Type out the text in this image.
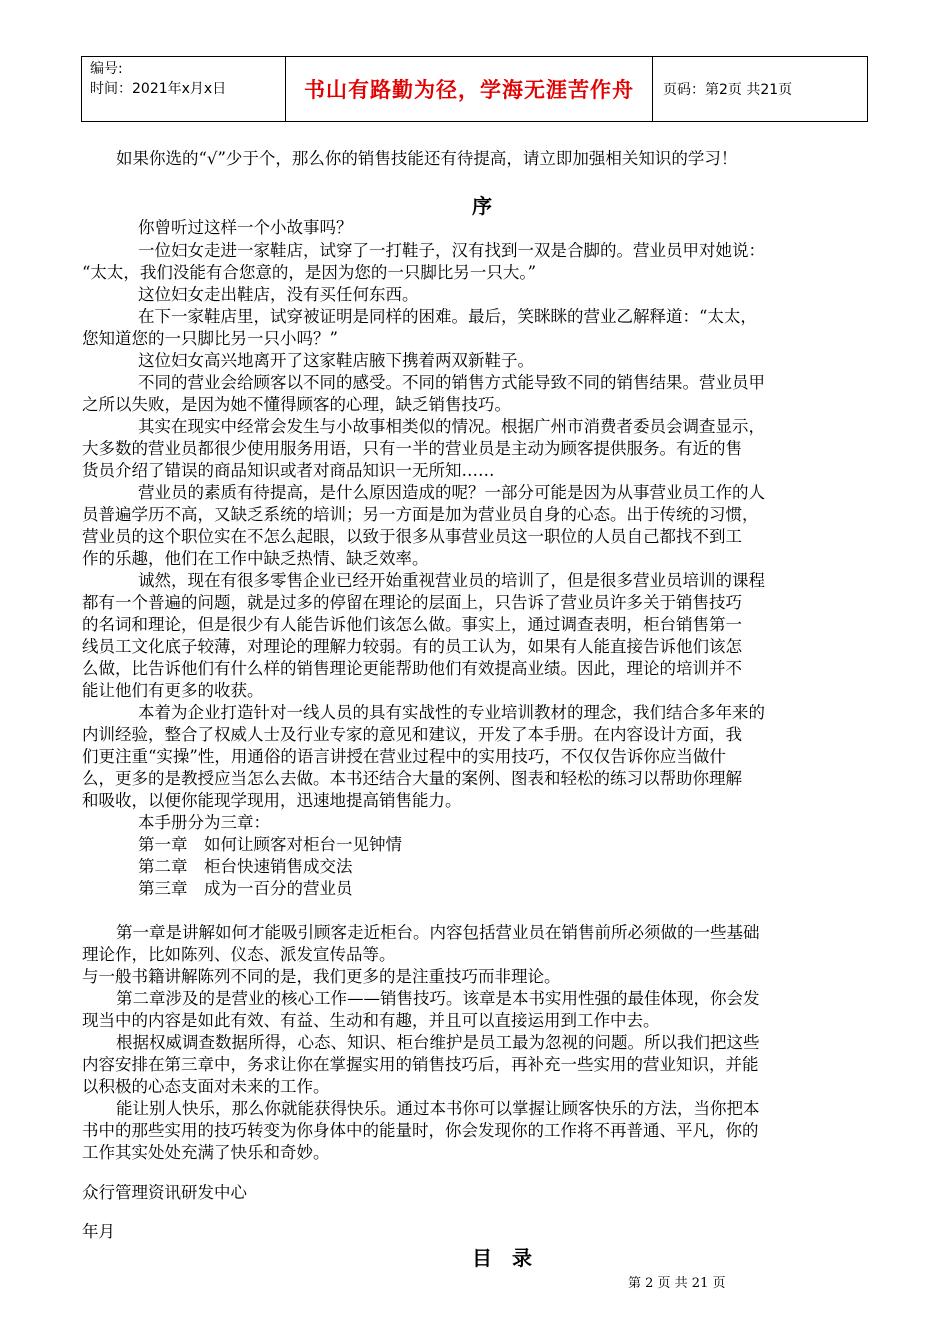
编号:
时间：2021年x月x日	书山有路勤为径，学海无涯苦作舟	页码：第2页 共21页
如果你选的“√”少于个，那么你的销售技能还有待提高，请立即加强相关知识的学习！
序
你曾听过这样一个小故事吗？
一位妇女走进一家鞋店，试穿了一打鞋子，汉有找到一双是合脚的。营业员甲对她说：
“太太，我们没能有合您意的，是因为您的一只脚比另一只大。”
这位妇女走出鞋店，没有买任何东西。
在下一家鞋店里，试穿被证明是同样的困难。最后，笑眯眯的营业乙解释道：“太太，
您知道您的一只脚比另一只小吗？”
这位妇女高兴地离开了这家鞋店腋下携着两双新鞋子。
不同的营业会给顾客以不同的感受。不同的销售方式能导致不同的销售结果。营业员甲
之所以失败，是因为她不懂得顾客的心理，缺乏销售技巧。
其实在现实中经常会发生与小故事相类似的情况。根据广州市消费者委员会调查显示，
大多数的营业员都很少使用服务用语，只有一半的营业员是主动为顾客提供服务。有近的售
货员介绍了错误的商品知识或者对商品知识一无所知……
营业员的素质有待提高，是什么原因造成的呢？一部分可能是因为从事营业员工作的人
员普遍学历不高，又缺乏系统的培训；另一方面是加为营业员自身的心态。出于传统的习惯，
营业员的这个职位实在不怎么起眼，以致于很多从事营业员这一职位的人员自己都找不到工
作的乐趣，他们在工作中缺乏热情、缺乏效率。
诚然，现在有很多零售企业已经开始重视营业员的培训了，但是很多营业员培训的课程
都有一个普遍的问题，就是过多的停留在理论的层面上，只告诉了营业员许多关于销售技巧
的名词和理论，但是很少有人能告诉他们该怎么做。事实上，通过调查表明，柜台销售第一
线员工文化底子较薄，对理论的理解力较弱。有的员工认为，如果有人能直接告诉他们该怎
么做，比告诉他们有什么样的销售理论更能帮助他们有效提高业绩。因此，理论的培训并不
能让他们有更多的收获。
本着为企业打造针对一线人员的具有实战性的专业培训教材的理念，我们结合多年来的
内训经验，整合了权威人士及行业专家的意见和建议，开发了本手册。在内容设计方面，我
们更注重“实操”性，用通俗的语言讲授在营业过程中的实用技巧，不仅仅告诉你应当做什
么，更多的是教授应当怎么去做。本书还结合大量的案例、图表和轻松的练习以帮助你理解
和吸收，以便你能现学现用，迅速地提高销售能力。
本手册分为三章：
第一章　如何让顾客对柜台一见钟情
第二章　柜台快速销售成交法
第三章　成为一百分的营业员
第一章是讲解如何才能吸引顾客走近柜台。内容包括营业员在销售前所必须做的一些基础
理论作，比如陈列、仪态、派发宣传品等。
与一般书籍讲解陈列不同的是，我们更多的是注重技巧而非理论。
第二章涉及的是营业的核心工作——销售技巧。该章是本书实用性强的最佳体现，你会发
现当中的内容是如此有效、有益、生动和有趣，并且可以直接运用到工作中去。
根据权威调查数据所得，心态、知识、柜台维护是员工最为忽视的问题。所以我们把这些
内容安排在第三章中，务求让你在掌握实用的销售技巧后，再补充一些实用的营业知识，并能
以积极的心态支面对未来的工作。
能让别人快乐，那么你就能获得快乐。通过本书你可以掌握让顾客快乐的方法，当你把本
书中的那些实用的技巧转变为你身体中的能量时，你会发现你的工作将不再普通、平凡，你的
工作其实处处充满了快乐和奇妙。
众行管理资讯研发中心
年月
目　录
第 2 页 共 21 页
